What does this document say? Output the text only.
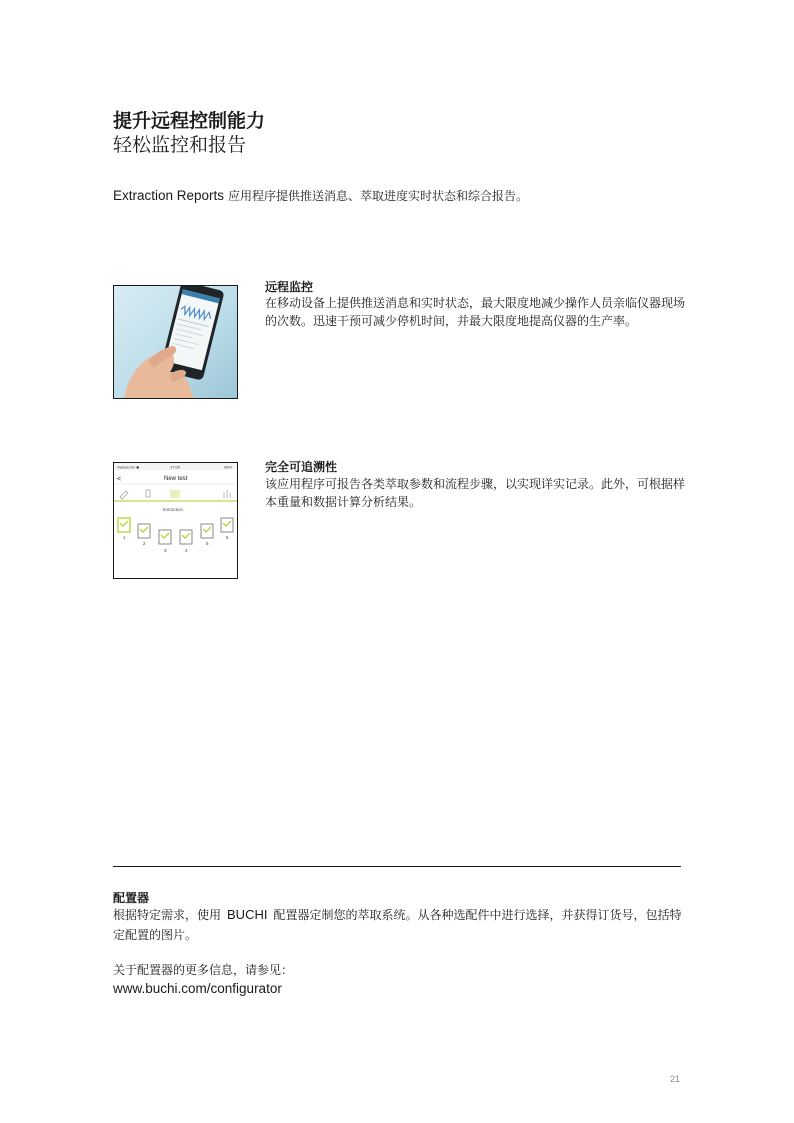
提升远程控制能力
轻松监控和报告
Extraction Reports 应用程序提供推送消息、萃取进度实时状态和综合报告。
远程监控
在移动设备上提供推送消息和实时状态，最大限度地减少操作人员亲临仪器现场的次数。迅速干预可减少停机时间，并最大限度地提高仪器的生产率。
Swisscom ◆	17:00	98%
<	New test
Extraction
1
2
3	4
5
6
完全可追溯性
该应用程序可报告各类萃取参数和流程步骤，以实现详实记录。此外，可根据样本重量和数据计算分析结果。
配置器
根据特定需求，使用 BUCHI 配置器定制您的萃取系统。从各种选配件中进行选择，并获得订货号，包括特定配置的图片。
关于配置器的更多信息，请参见：
www.buchi.com/configurator
21
